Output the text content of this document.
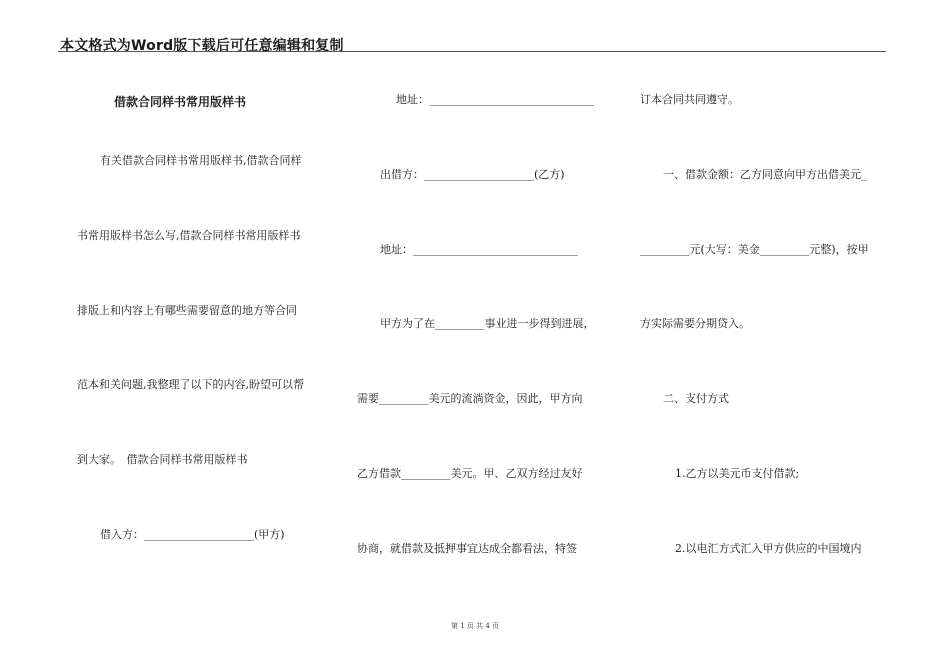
本文格式为Word版下载后可任意编辑和复制
借款合同样书常用版样书
有关借款合同样书常用版样书,借款合同样
书常用版样书怎么写,借款合同样书常用版样书
排版上和内容上有哪些需要留意的地方等合同
范本和关问题,我整理了以下的内容,盼望可以帮
到大家。　借款合同样书常用版样书
借入方：____________________(甲方)
地址：______________________________
出借方：____________________(乙方)
地址：______________________________
甲方为了在_________事业进一步得到进展，
需要_________美元的流淌资金，因此，甲方向
乙方借款_________美元。甲、乙双方经过友好
协商，就借款及抵押事宜达成全都看法，特签
订本合同共同遵守。
一、借款金额：乙方同意向甲方出借美元_
_________元(大写：美金_________元整)，按甲
方实际需要分期贷入。
二、支付方式
1.乙方以美元币支付借款;
2.以电汇方式汇入甲方供应的中国境内
第 1 页 共 4 页
